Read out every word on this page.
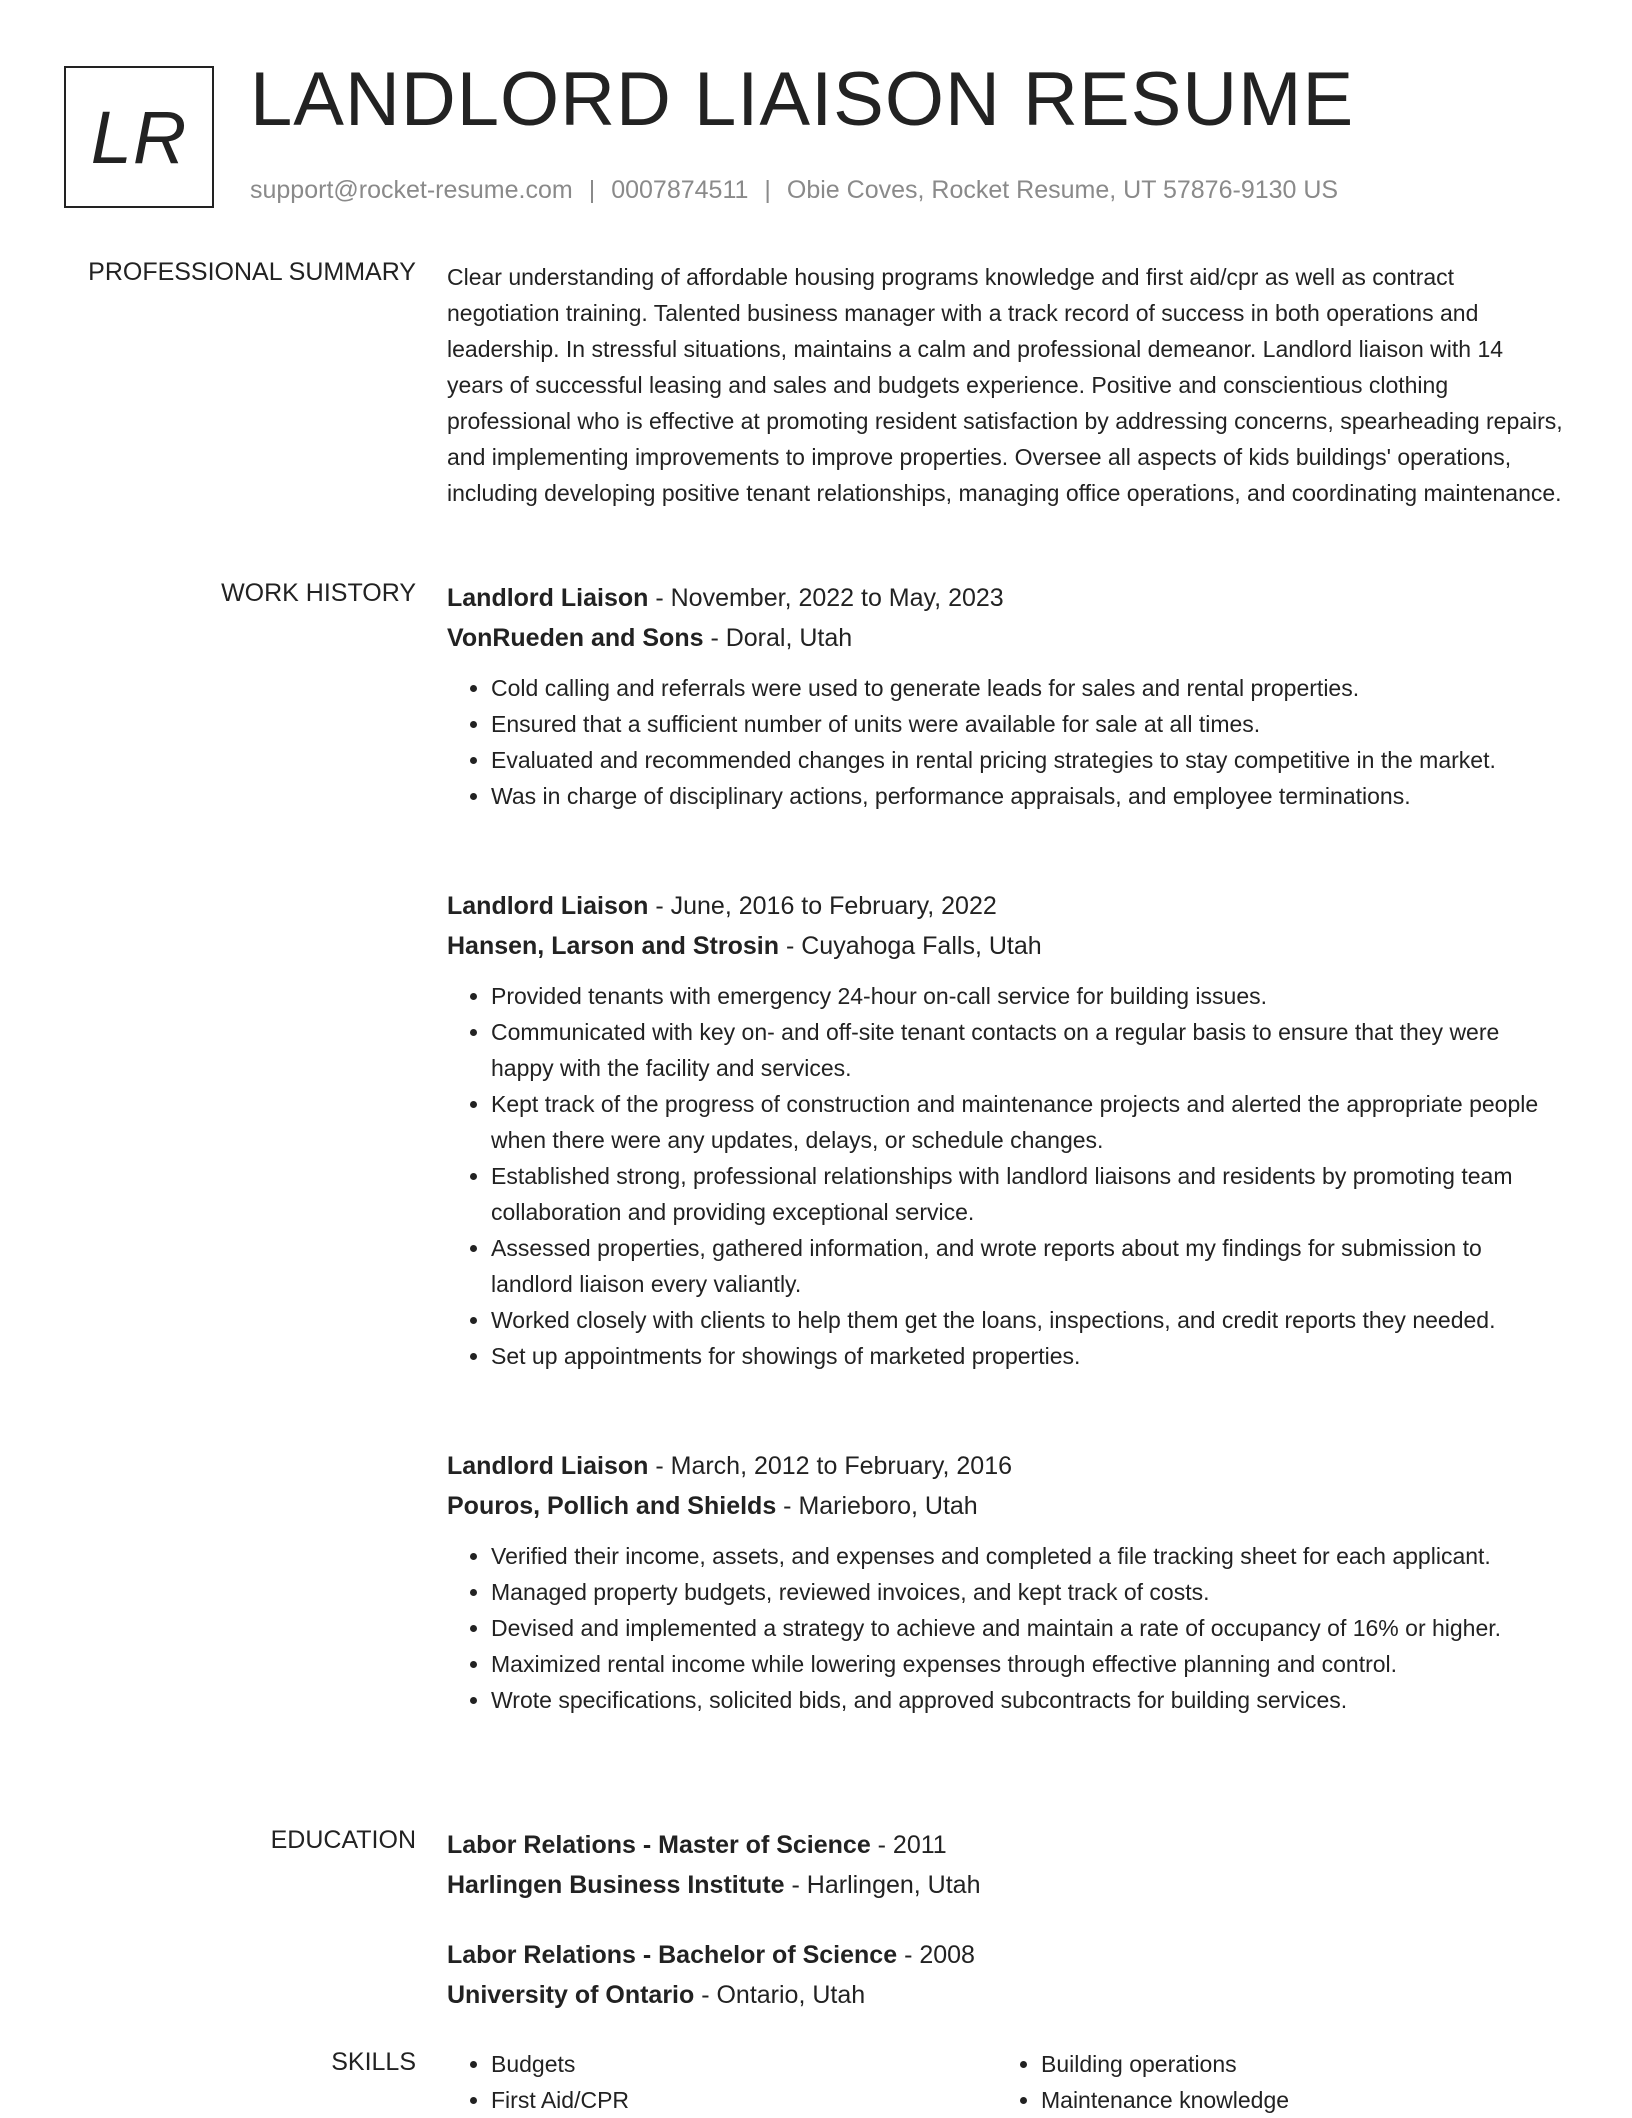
LR LANDLORD LIAISON RESUME
support@rocket-resume.com | 0007874511 | Obie Coves, Rocket Resume, UT 57876-9130 US
PROFESSIONAL SUMMARY Clear understanding of affordable housing programs knowledge and first aid/cpr as well as contract negotiation training. Talented business manager with a track record of success in both operations and leadership. In stressful situations, maintains a calm and professional demeanor. Landlord liaison with 14 years of successful leasing and sales and budgets experience. Positive and conscientious clothing professional who is effective at promoting resident satisfaction by addressing concerns, spearheading repairs, and implementing improvements to improve properties. Oversee all aspects of kids buildings' operations, including developing positive tenant relationships, managing office operations, and coordinating maintenance.

WORK HISTORY Landlord Liaison - November, 2022 to May, 2023

VonRueden and Sons - Doral, Utah

• Cold calling and referrals were used to generate leads for sales and rental properties.
• Ensured that a sufficient number of units were available for sale at all times.
• Evaluated and recommended changes in rental pricing strategies to stay competitive in the market.
• Was in charge of disciplinary actions, performance appraisals, and employee terminations.

Landlord Liaison - June, 2016 to February, 2022

Hansen, Larson and Strosin - Cuyahoga Falls, Utah

• Provided tenants with emergency 24-hour on-call service for building issues.
• Communicated with key on- and off-site tenant contacts on a regular basis to ensure that they were happy with the facility and services.
• Kept track of the progress of construction and maintenance projects and alerted the appropriate people when there were any updates, delays, or schedule changes.
• Established strong, professional relationships with landlord liaisons and residents by promoting team collaboration and providing exceptional service.
• Assessed properties, gathered information, and wrote reports about my findings for submission to landlord liaison every valiantly.
• Worked closely with clients to help them get the loans, inspections, and credit reports they needed.
• Set up appointments for showings of marketed properties.

Landlord Liaison - March, 2012 to February, 2016

Pouros, Pollich and Shields - Marieboro, Utah

• Verified their income, assets, and expenses and completed a file tracking sheet for each applicant.
• Managed property budgets, reviewed invoices, and kept track of costs.
• Devised and implemented a strategy to achieve and maintain a rate of occupancy of 16% or higher.
• Maximized rental income while lowering expenses through effective planning and control.
• Wrote specifications, solicited bids, and approved subcontracts for building services.
EDUCATION Labor Relations - Master of Science - 2011

Harlingen Business Institute - Harlingen, Utah

Labor Relations - Bachelor of Science - 2008

University of Ontario - Ontario, Utah

SKILLS
•	Budgets
• First Aid/CPR
• Building operations
• Maintenance knowledge
